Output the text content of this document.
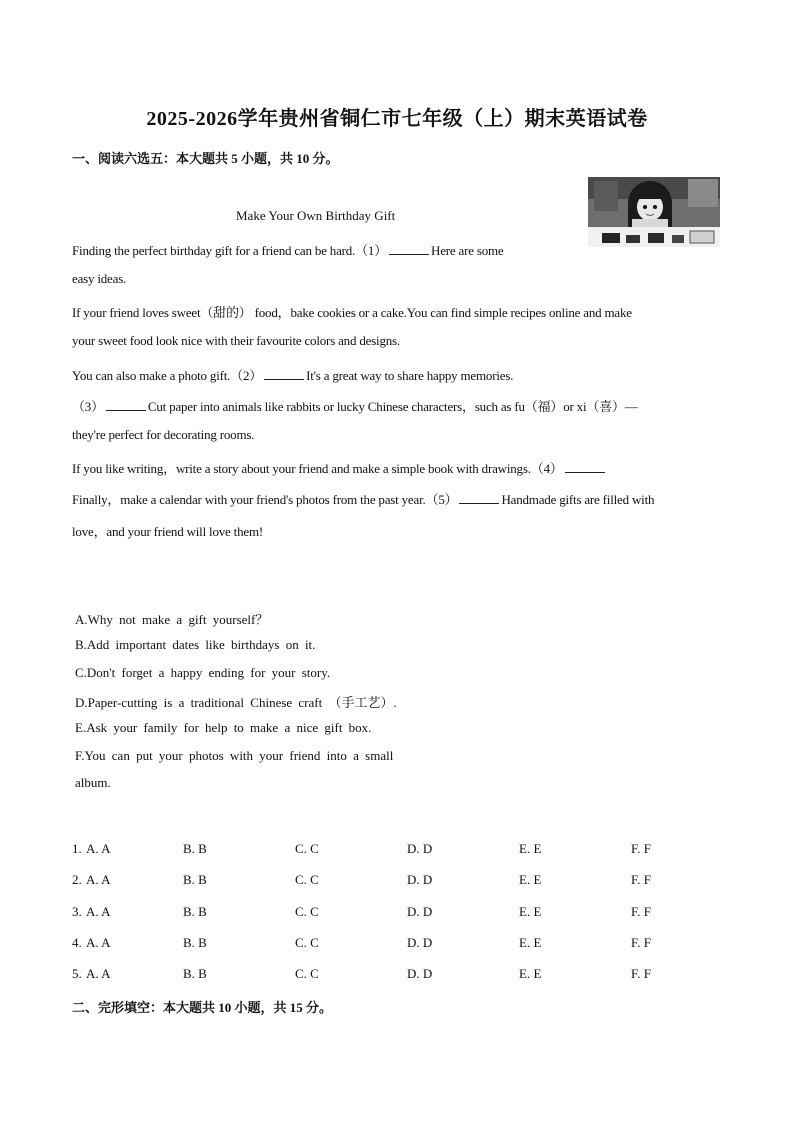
2025-2026学年贵州省铜仁市七年级（上）期末英语试卷
一、阅读六选五：本大题共 5 小题，共 10 分。
Make Your Own Birthday Gift
Finding the perfect birthday gift for a friend can be hard.（1）	Here are some
easy ideas.
If your friend loves sweet（甜的） food，bake cookies or a cake.You can find simple recipes online and make
your sweet food look nice with their favourite colors and designs.
You can also make a photo gift.（2）	It's a great way to share happy memories.
（3）	Cut paper into animals like rabbits or lucky Chinese characters，such as fu（福）or xi（喜）—
they're perfect for decorating rooms.
If you like writing，write a story about your friend and make a simple book with drawings.（4）
Finally，make a calendar with your friend's photos from the past year.（5）	Handmade gifts are filled with
love，and your friend will love them!
A.Why not make a gift yourself？
B.Add important dates like birthdays on it.
C.Don't forget a happy ending for your story.
D.Paper-cutting is a traditional Chinese craft （手工艺）.
E.Ask your family for help to make a nice gift box.
F.You can put your photos with your friend into a small
album.
1. A. A	B. B	C. C	D. D	E. E	F. F
2. A. A	B. B	C. C	D. D	E. E	F. F
3. A. A	B. B	C. C	D. D	E. E	F. F
4. A. A	B. B	C. C	D. D	E. E	F. F
5. A. A	B. B	C. C	D. D	E. E	F. F
二、完形填空：本大题共 10 小题，共 15 分。
